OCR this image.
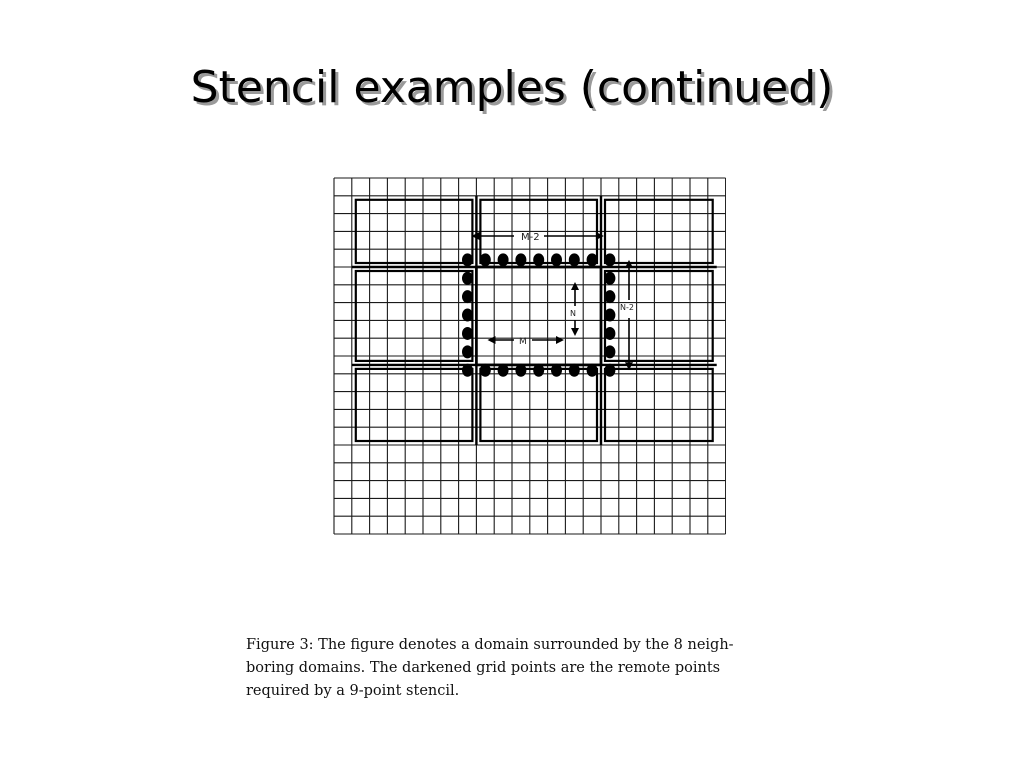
Stencil examples (continued)
M-2
N-2
M
N
Figure 3: The figure denotes a domain surrounded by the 8 neigh-
boring domains. The darkened grid points are the remote points
required by a 9-point stencil.
